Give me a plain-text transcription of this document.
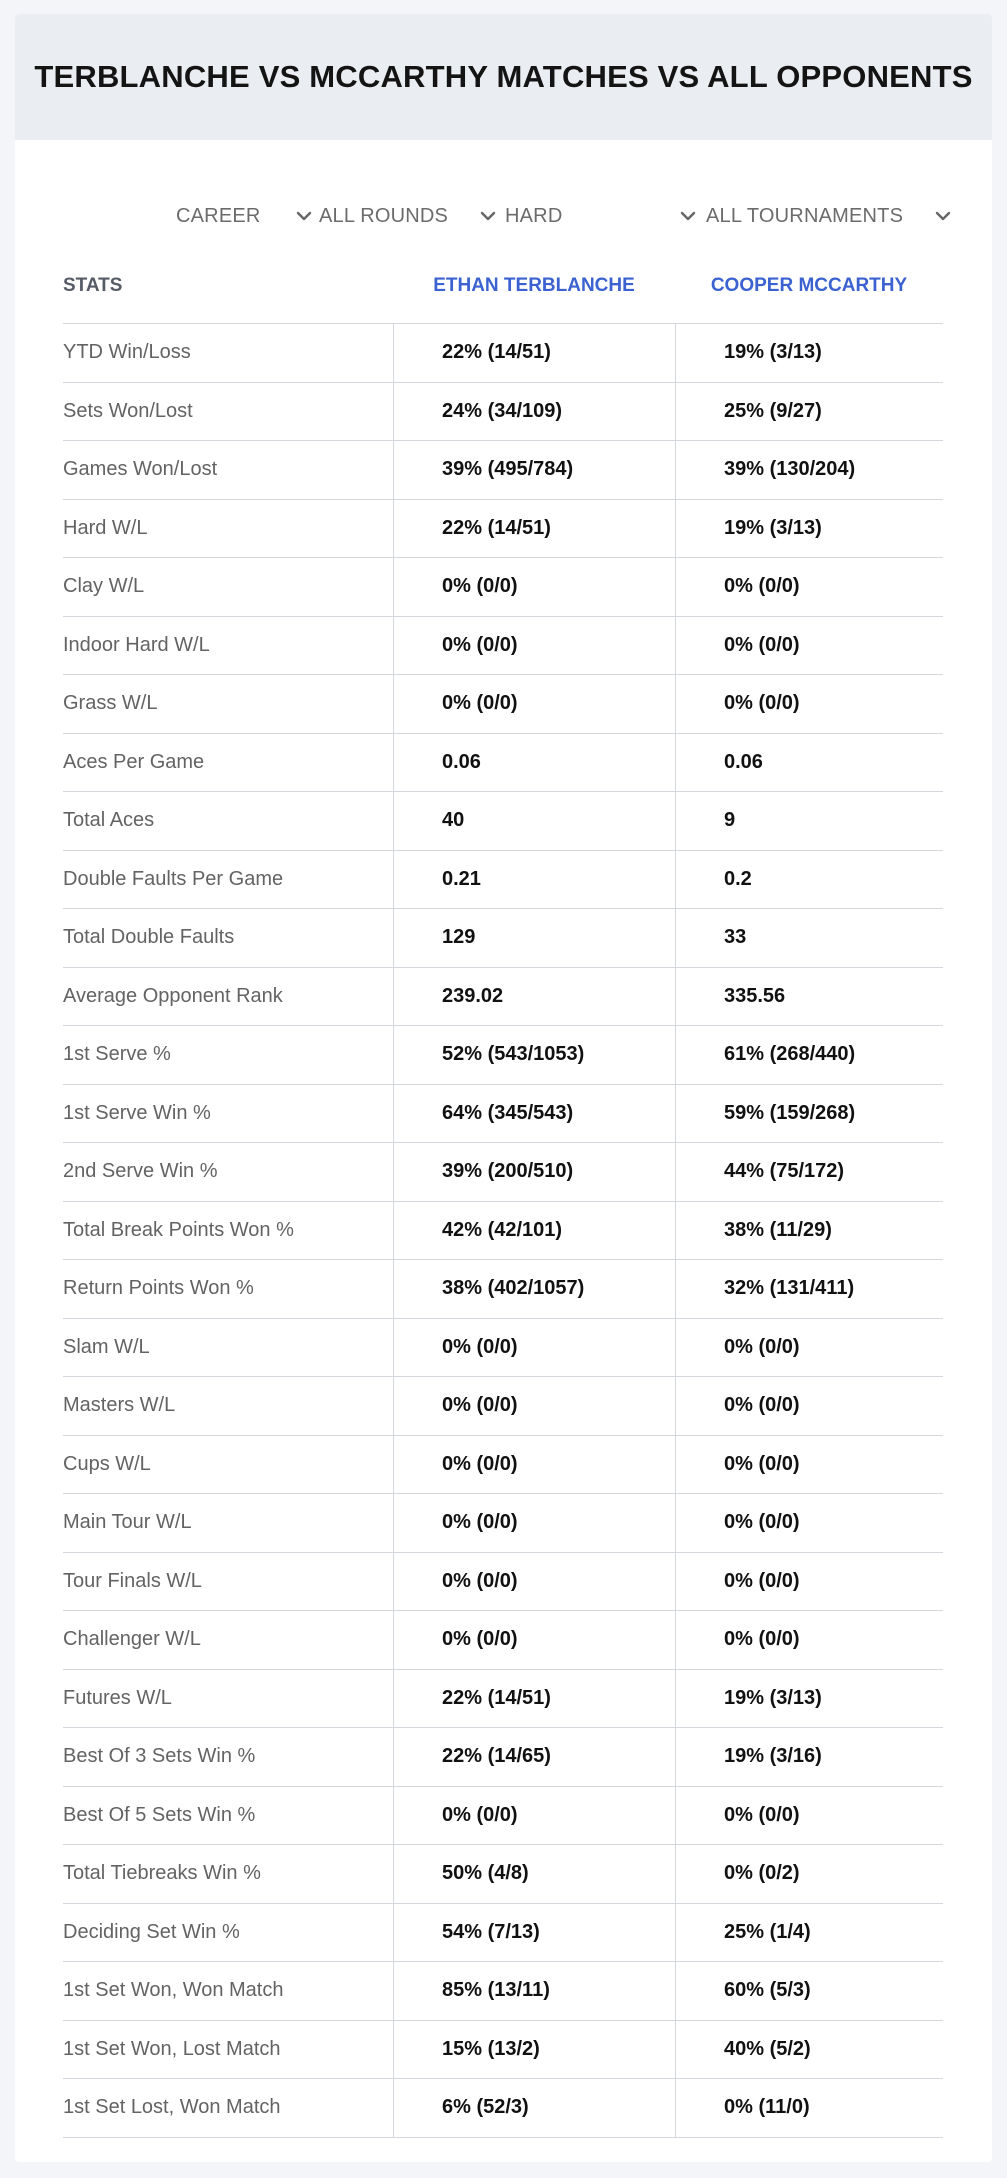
TERBLANCHE VS MCCARTHY MATCHES VS ALL OPPONENTS
CAREER	ALL ROUNDS	HARD	ALL TOURNAMENTS
STATS	ETHAN TERBLANCHE	COOPER MCCARTHY
YTD Win/Loss	22% (14/51)	19% (3/13)
Sets Won/Lost	24% (34/109)	25% (9/27)
Games Won/Lost	39% (495/784)	39% (130/204)
Hard W/L	22% (14/51)	19% (3/13)
Clay W/L	0% (0/0)	0% (0/0)
Indoor Hard W/L	0% (0/0)	0% (0/0)
Grass W/L	0% (0/0)	0% (0/0)
Aces Per Game	0.06	0.06
Total Aces	40	9
Double Faults Per Game	0.21	0.2
Total Double Faults	129	33
Average Opponent Rank	239.02	335.56
1st Serve %	52% (543/1053)	61% (268/440)
1st Serve Win %	64% (345/543)	59% (159/268)
2nd Serve Win %	39% (200/510)	44% (75/172)
Total Break Points Won %	42% (42/101)	38% (11/29)
Return Points Won %	38% (402/1057)	32% (131/411)
Slam W/L	0% (0/0)	0% (0/0)
Masters W/L	0% (0/0)	0% (0/0)
Cups W/L	0% (0/0)	0% (0/0)
Main Tour W/L	0% (0/0)	0% (0/0)
Tour Finals W/L	0% (0/0)	0% (0/0)
Challenger W/L	0% (0/0)	0% (0/0)
Futures W/L	22% (14/51)	19% (3/13)
Best Of 3 Sets Win %	22% (14/65)	19% (3/16)
Best Of 5 Sets Win %	0% (0/0)	0% (0/0)
Total Tiebreaks Win %	50% (4/8)	0% (0/2)
Deciding Set Win %	54% (7/13)	25% (1/4)
1st Set Won, Won Match	85% (13/11)	60% (5/3)
1st Set Won, Lost Match	15% (13/2)	40% (5/2)
1st Set Lost, Won Match	6% (52/3)	0% (11/0)
